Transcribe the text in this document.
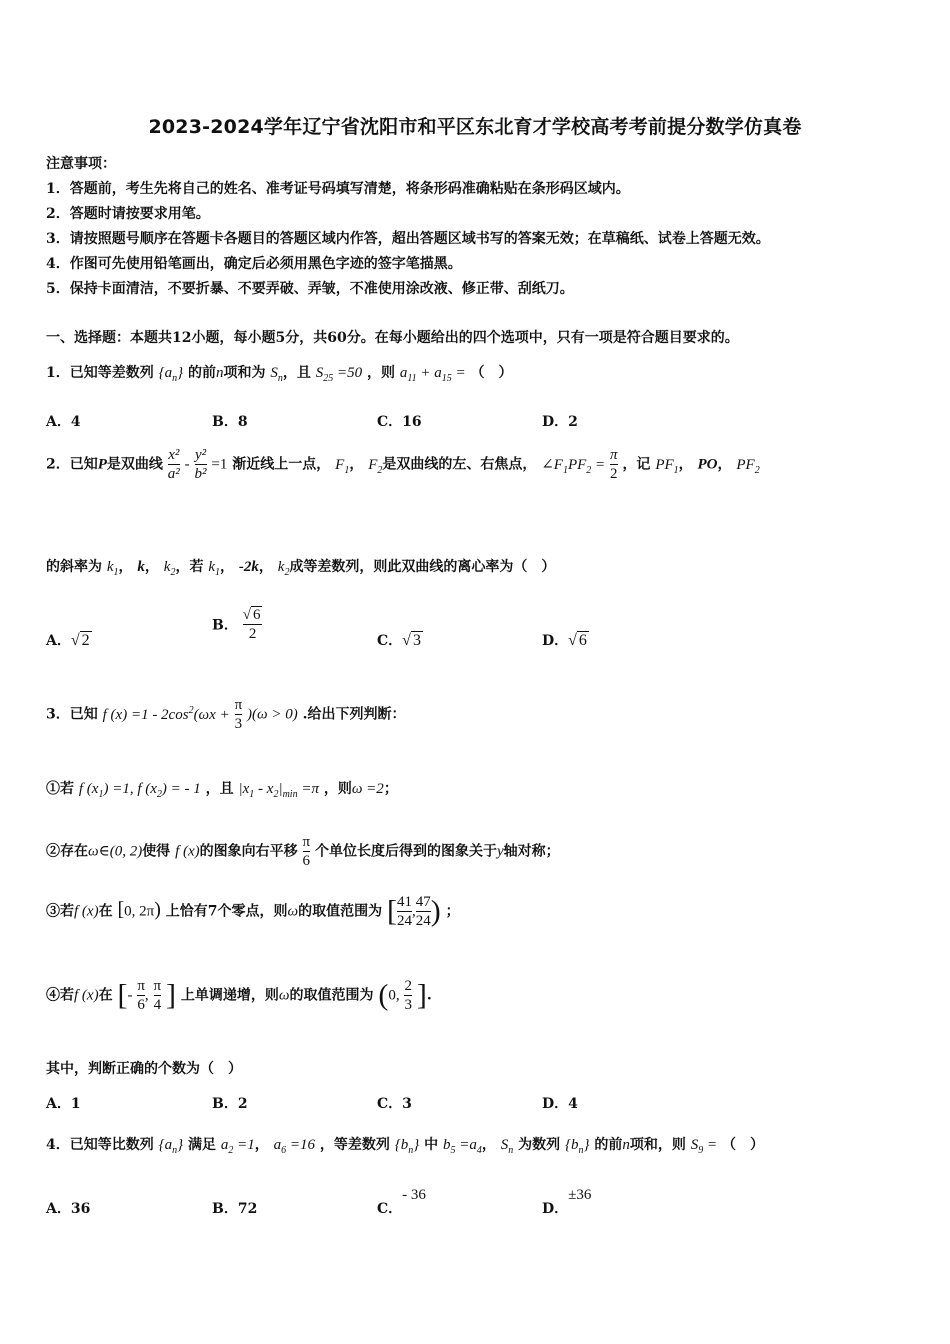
2023-2024学年辽宁省沈阳市和平区东北育才学校高考考前提分数学仿真卷
注意事项：
1．答题前，考生先将自己的姓名、准考证号码填写清楚，将条形码准确粘贴在条形码区域内。
2．答题时请按要求用笔。
3．请按照题号顺序在答题卡各题目的答题区域内作答，超出答题区域书写的答案无效；在草稿纸、试卷上答题无效。
4．作图可先使用铅笔画出，确定后必须用黑色字迹的签字笔描黑。
5．保持卡面清洁，不要折暴、不要弄破、弄皱，不准使用涂改液、修正带、刮纸刀。
一、选择题：本题共12小题，每小题5分，共60分。在每小题给出的四个选项中，只有一项是符合题目要求的。
1．已知等差数列 $\{a_n\}$ 的前n项和为 $S_n$，且 $S_{25} =50$ ，则 $a_{11} + a_{15}$ = （　）
A．4	B．8	C．16	D．2
2．已知P是双曲线 $\frac{\text{x²}}{\text{a²}} - \frac{\text{y²}}{\text{b²}} =1$ 渐近线上一点， $F_1$， $F_2$是双曲线的左、右焦点， $\angle F_1PF_2 = \frac{\pi}{2}$ ，记 $PF_1$， PO， $PF_2$
的斜率为 $k_1$， k， $k_2$，若 $k_1$， -2k， $k_2$成等差数列，则此双曲线的离心率为（　）
A．√ 2
B． $\frac{√ 6}{2}$	C．√ 3	D．√ 6
3．已知 f $(x) =1 - 2\cos^2(\omega x + \frac{\pi}{3} )(\omega > 0)$ .给出下列判断：
①若 f $(x_1) =1$, f $(x_2)$ = - 1 ，且 $|x_1 - x_2|_{min} =\pi$ ，则ω =2；
②存在ω∈(0, 2)使得 f (x)的图象向右平移 $\frac{\pi}{6}$ 个单位长度后得到的图象关于y轴对称；
③若f (x)在 [0, 2π) 上恰有7个零点，则ω的取值范围为 [ $\frac{41}{24}$ , $\frac{47}{24}$ ) ；
④若f (x)在 [- $\frac{\pi}{6}$ , $\frac{\pi}{4}$ ] 上单调递增，则ω的取值范围为 (0, $\frac{2}{3}$ ].
其中，判断正确的个数为（　）
A．1	B．2	C．3	D．4
4．已知等比数列 $\{a_n\}$ 满足 $a_2 =1$， $a_6 =16$ ，等差数列 $\{b_n\}$ 中 $b_5 =a_4$， $S_n$ 为数列 $\{b_n\}$ 的前n项和，则 $S_9$ = （　）
A．36	B．72	C．- 36
D．±36
